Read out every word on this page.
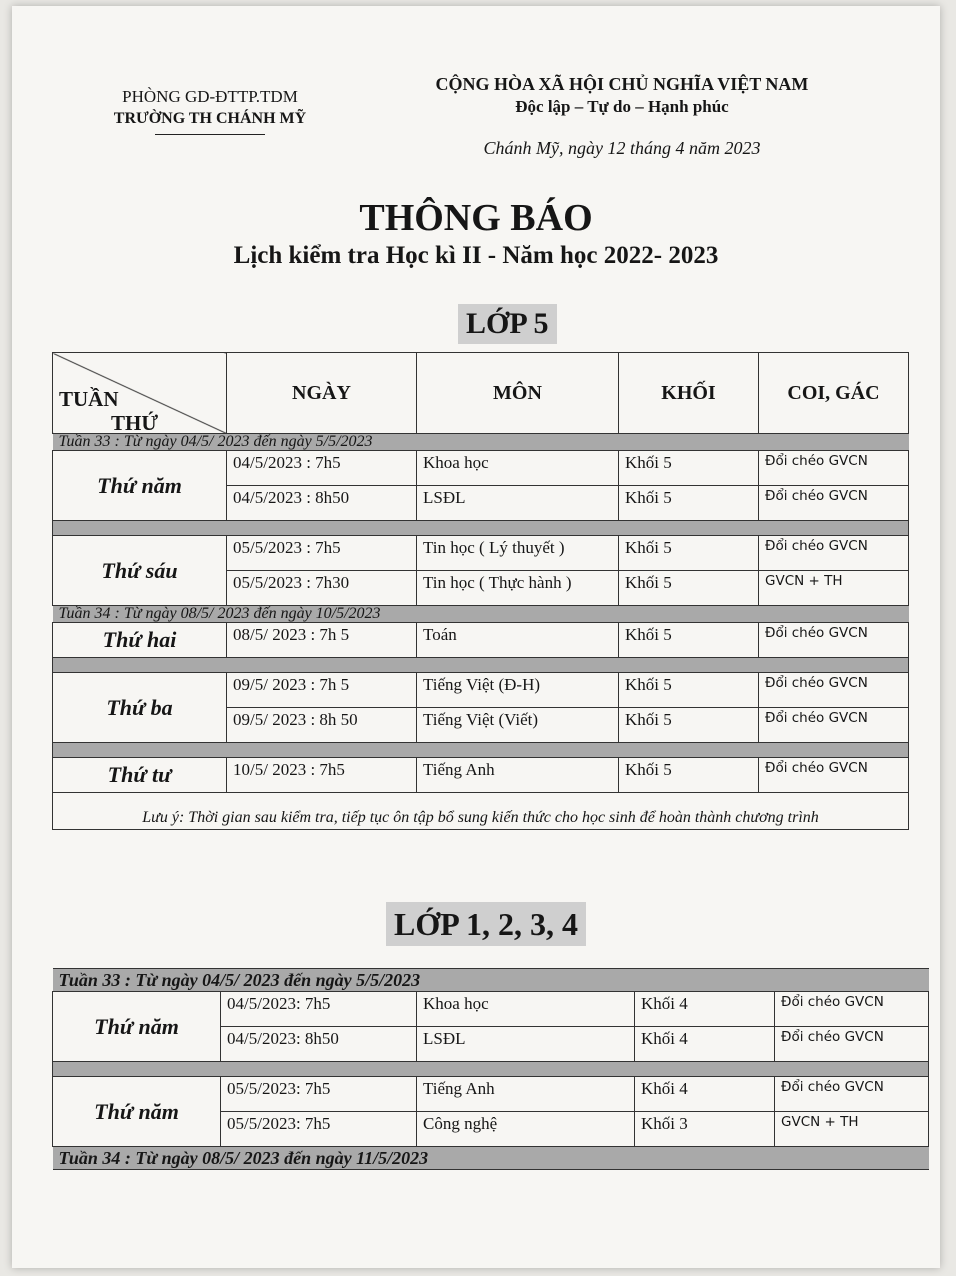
PHÒNG GD-ĐTTP.TDM
TRƯỜNG TH CHÁNH MỸ
CỘNG HÒA XÃ HỘI CHỦ NGHĨA VIỆT NAM
Độc lập – Tự do – Hạnh phúc
Chánh Mỹ, ngày 12 tháng 4 năm 2023
THÔNG BÁO
Lịch kiểm tra Học kì II - Năm học 2022- 2023
LỚP 5
TUẦN
THỨ	NGÀY	MÔN	KHỐI	COI, GÁC
Tuần 33 : Từ ngày 04/5/ 2023 đến ngày 5/5/2023				
Thứ năm	04/5/2023 : 7h5	Khoa học	Khối 5	Đổi chéo GVCN
	04/5/2023 : 8h50	LSĐL	Khối 5	Đổi chéo GVCN

Thứ sáu	05/5/2023 : 7h5	Tin học ( Lý thuyết )	Khối 5	Đổi chéo GVCN
	05/5/2023 : 7h30	Tin học ( Thực hành )	Khối 5	GVCN + TH
Tuần 34 : Từ ngày 08/5/ 2023 đến ngày 10/5/2023				
Thứ hai	08/5/ 2023 : 7h 5	Toán	Khối 5	Đổi chéo GVCN

Thứ ba	09/5/ 2023 : 7h 5	Tiếng Việt (Đ-H)	Khối 5	Đổi chéo GVCN
	09/5/ 2023 : 8h 50	Tiếng Việt (Viết)	Khối 5	Đổi chéo GVCN

Thứ tư	10/5/ 2023 : 7h5	Tiếng Anh	Khối 5	Đổi chéo GVCN
Lưu ý: Thời gian sau kiểm tra, tiếp tục ôn tập bổ sung kiến thức cho học sinh để hoàn thành chương trình				
LỚP 1, 2, 3, 4
Tuần 33 : Từ ngày 04/5/ 2023 đến ngày 5/5/2023				
Thứ năm	04/5/2023: 7h5	Khoa học	Khối 4	Đổi chéo GVCN
	04/5/2023: 8h50	LSĐL	Khối 4	Đổi chéo GVCN

Thứ năm	05/5/2023: 7h5	Tiếng Anh	Khối 4	Đổi chéo GVCN
	05/5/2023: 7h5	Công nghệ	Khối 3	GVCN + TH
Tuần 34 : Từ ngày 08/5/ 2023 đến ngày 11/5/2023				
